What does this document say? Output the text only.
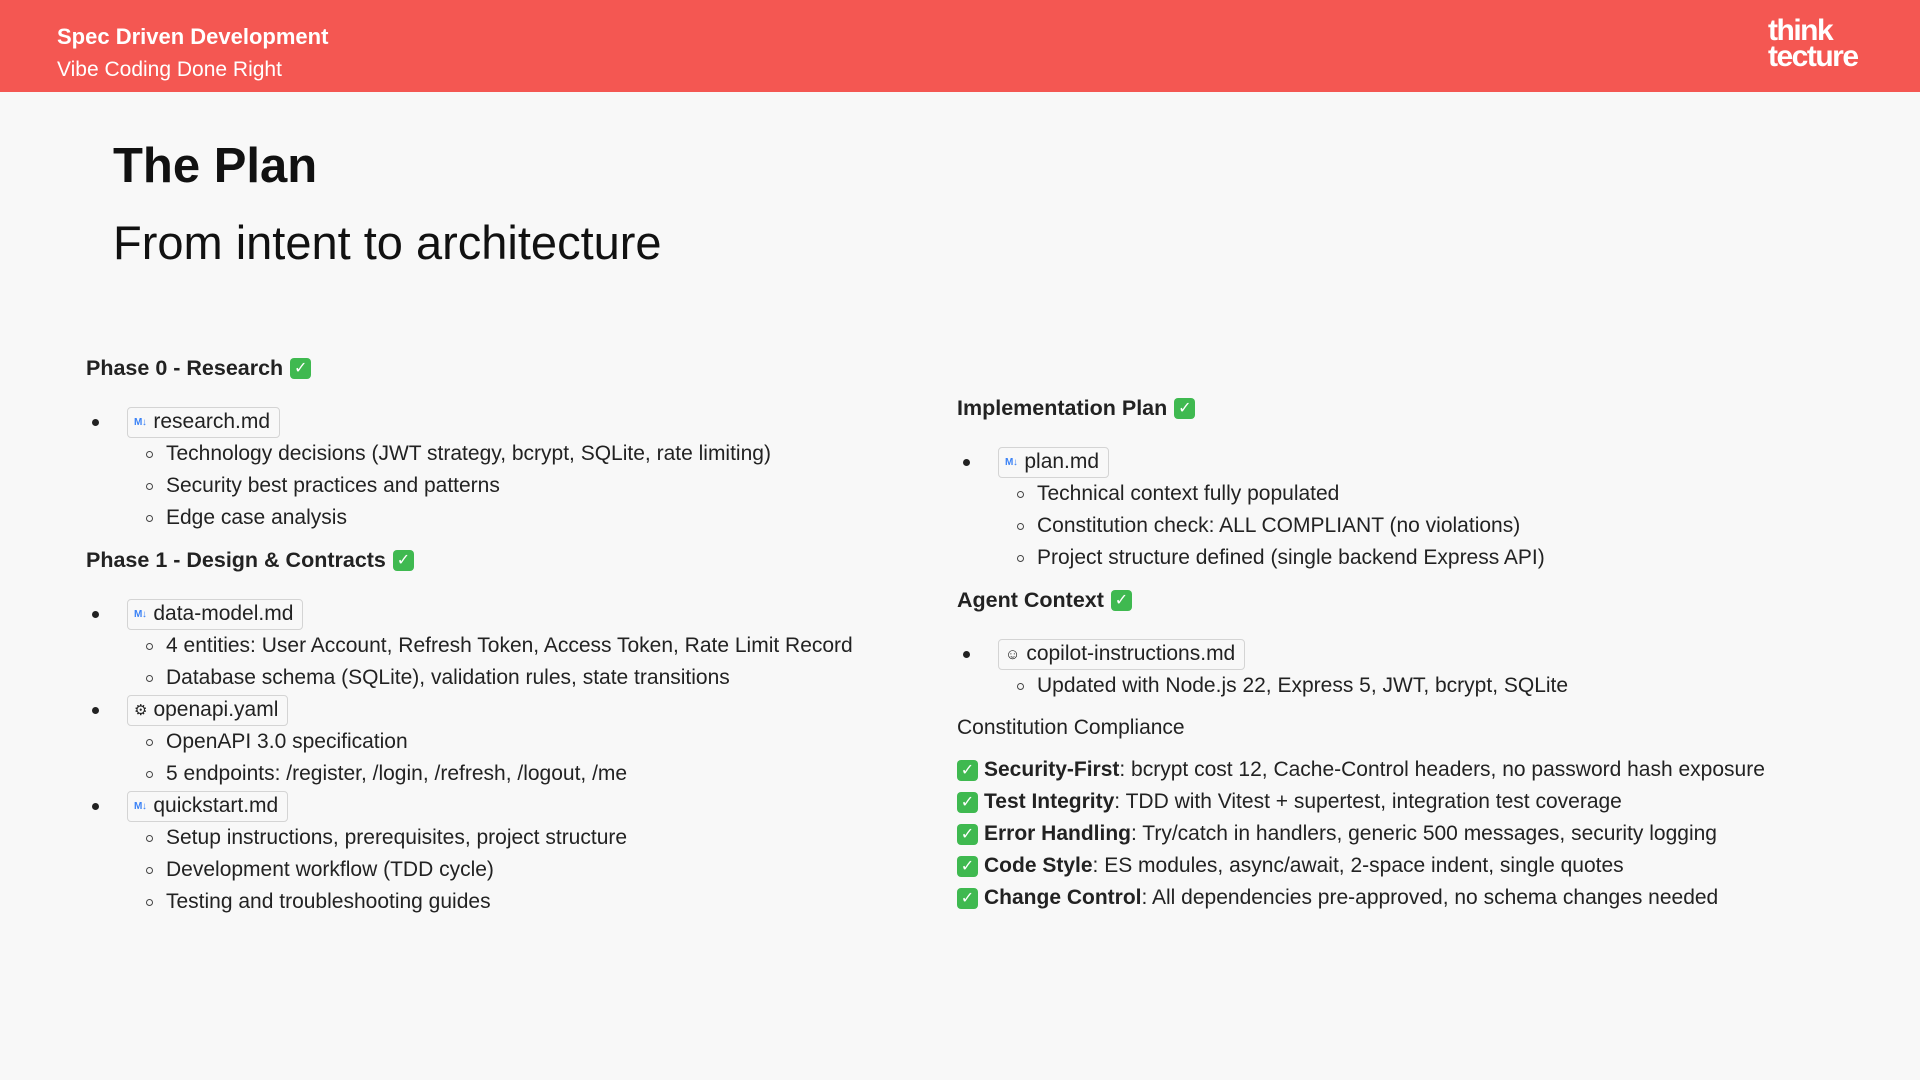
Spec Driven Development
Vibe Coding Done Right
think
tecture
The Plan
From intent to architecture
Phase 0 - Research ✓
M↓ research.md
Technology decisions (JWT strategy, bcrypt, SQLite, rate limiting)
Security best practices and patterns
Edge case analysis
Phase 1 - Design & Contracts ✓
M↓ data-model.md
4 entities: User Account, Refresh Token, Access Token, Rate Limit Record
Database schema (SQLite), validation rules, state transitions
⚙ openapi.yaml
OpenAPI 3.0 specification
5 endpoints: /register, /login, /refresh, /logout, /me
M↓ quickstart.md
Setup instructions, prerequisites, project structure
Development workflow (TDD cycle)
Testing and troubleshooting guides
Implementation Plan ✓
M↓ plan.md
Technical context fully populated
Constitution check: ALL COMPLIANT (no violations)
Project structure defined (single backend Express API)
Agent Context ✓
☺ copilot-instructions.md
Updated with Node.js 22, Express 5, JWT, bcrypt, SQLite
Constitution Compliance
✓ Security-First : bcrypt cost 12, Cache-Control headers, no password hash exposure
✓ Test Integrity : TDD with Vitest + supertest, integration test coverage
✓ Error Handling : Try/catch in handlers, generic 500 messages, security logging
✓ Code Style : ES modules, async/await, 2-space indent, single quotes
✓ Change Control : All dependencies pre-approved, no schema changes needed
